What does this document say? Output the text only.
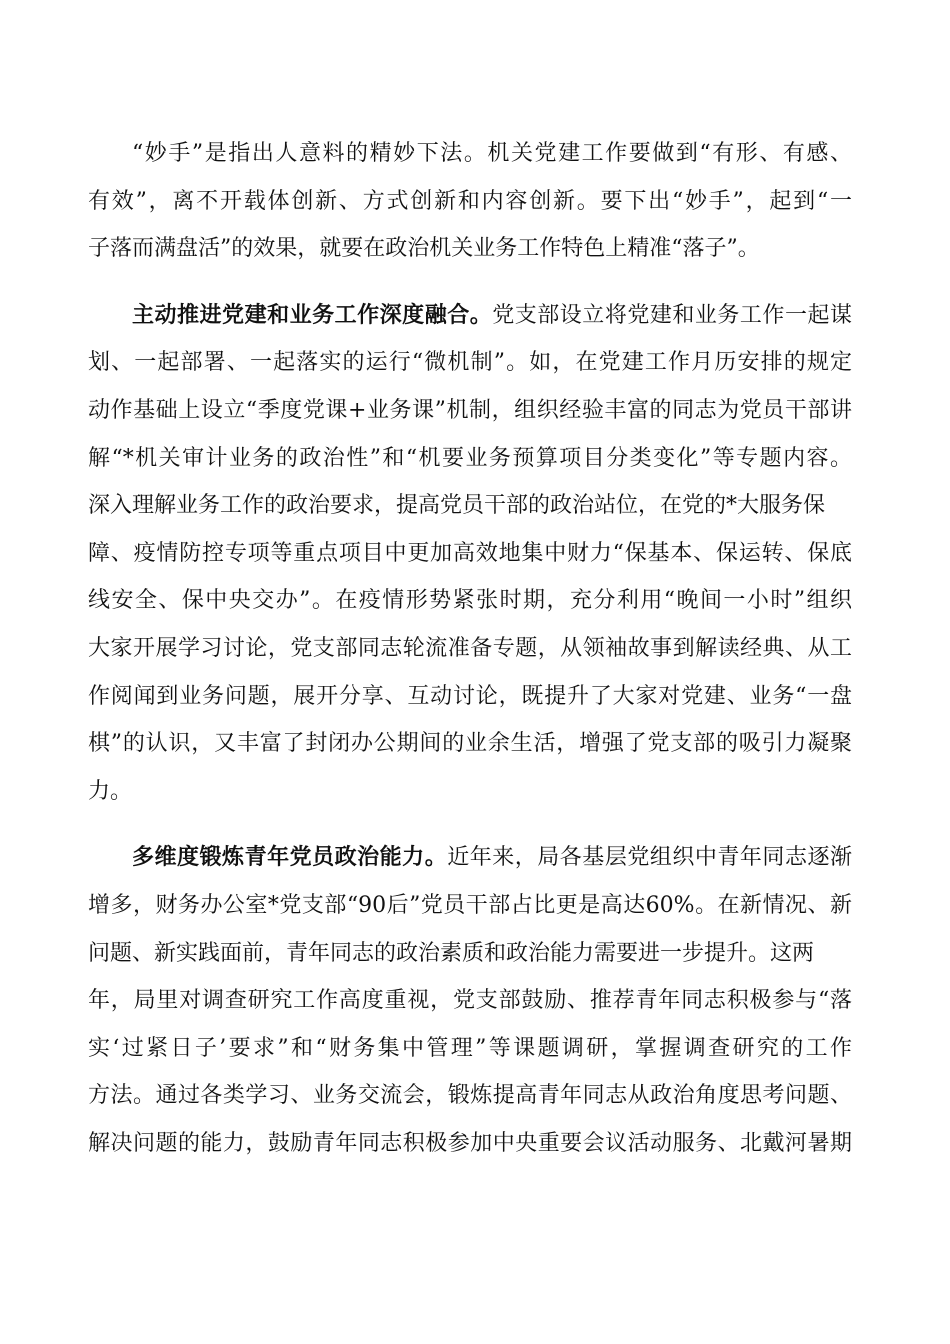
“妙手”是指出人意料的精妙下法。机关党建工作要做到“有形、有感、
有效”，离不开载体创新、方式创新和内容创新。要下出“妙手”，起到“一
子落而满盘活”的效果，就要在政治机关业务工作特色上精准“落子”。
主动推进党建和业务工作深度融合。党支部设立将党建和业务工作一起谋
划、一起部署、一起落实的运行“微机制”。如，在党建工作月历安排的规定
动作基础上设立“季度党课+业务课”机制，组织经验丰富的同志为党员干部讲
解“*机关审计业务的政治性”和“机要业务预算项目分类变化”等专题内容。
深入理解业务工作的政治要求，提高党员干部的政治站位，在党的*大服务保
障、疫情防控专项等重点项目中更加高效地集中财力“保基本、保运转、保底
线安全、保中央交办”。在疫情形势紧张时期，充分利用“晚间一小时”组织
大家开展学习讨论，党支部同志轮流准备专题，从领袖故事到解读经典、从工
作阅闻到业务问题，展开分享、互动讨论，既提升了大家对党建、业务“一盘
棋”的认识，又丰富了封闭办公期间的业余生活，增强了党支部的吸引力凝聚
力。
多维度锻炼青年党员政治能力。近年来，局各基层党组织中青年同志逐渐
增多，财务办公室*党支部“90后”党员干部占比更是高达60%。在新情况、新
问题、新实践面前，青年同志的政治素质和政治能力需要进一步提升。这两
年，局里对调查研究工作高度重视，党支部鼓励、推荐青年同志积极参与“落
实‘过紧日子’要求”和“财务集中管理”等课题调研，掌握调查研究的工作
方法。通过各类学习、业务交流会，锻炼提高青年同志从政治角度思考问题、
解决问题的能力，鼓励青年同志积极参加中央重要会议活动服务、北戴河暑期
